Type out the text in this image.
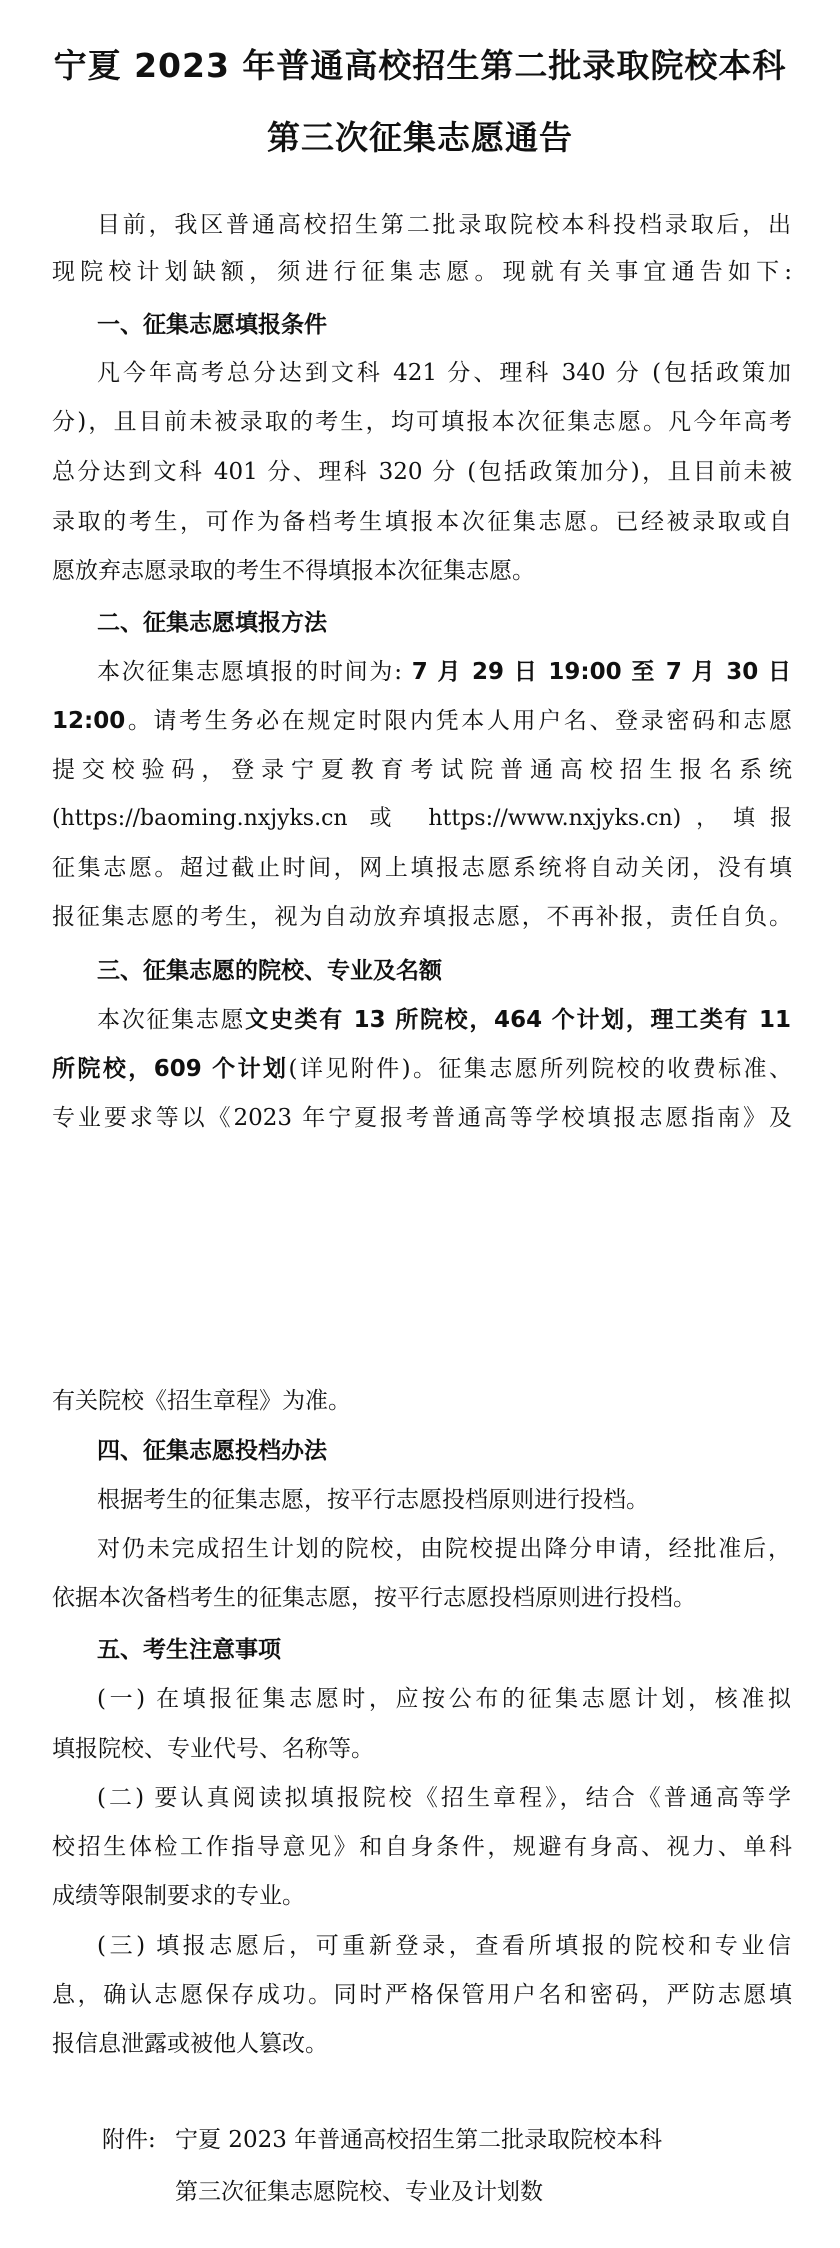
宁夏 2023 年普通高校招生第二批录取院校本科
第三次征集志愿通告

目前，我区普通高校招生第二批录取院校本科投档录取后，出

现院校计划缺额，须进行征集志愿。现就有关事宜通告如下:

一、征集志愿填报条件

凡今年高考总分达到文科 421 分、理科 340 分 (包括政策加

分)，且目前未被录取的考生，均可填报本次征集志愿。凡今年高考

总分达到文科 401 分、理科 320 分 (包括政策加分)，且目前未被

录取的考生，可作为备档考生填报本次征集志愿。已经被录取或自

愿放弃志愿录取的考生不得填报本次征集志愿。

二、征集志愿填报方法

本次征集志愿填报的时间为: 7 月 29 日 19:00 至 7 月 30 日

12:00。请考生务必在规定时限内凭本人用户名、登录密码和志愿

提交校验码，登录宁夏教育考试院普通高校招生报名系统

(https://baoming.nxjyks.cn 或 https://www.nxjyks.cn)，填报

征集志愿。超过截止时间，网上填报志愿系统将自动关闭，没有填

报征集志愿的考生，视为自动放弃填报志愿，不再补报，责任自负。

三、征集志愿的院校、专业及名额

本次征集志愿文史类有 13 所院校，464 个计划，理工类有 11

所院校，609 个计划(详见附件)。征集志愿所列院校的收费标准、

专业要求等以《2023 年宁夏报考普通高等学校填报志愿指南》及

有关院校《招生章程》为准。

四、征集志愿投档办法

根据考生的征集志愿，按平行志愿投档原则进行投档。

对仍未完成招生计划的院校，由院校提出降分申请，经批准后，

依据本次备档考生的征集志愿，按平行志愿投档原则进行投档。

五、考生注意事项

(一) 在填报征集志愿时，应按公布的征集志愿计划，核准拟

填报院校、专业代号、名称等。

(二) 要认真阅读拟填报院校《招生章程》，结合《普通高等学

校招生体检工作指导意见》和自身条件，规避有身高、视力、单科

成绩等限制要求的专业。

(三) 填报志愿后，可重新登录，查看所填报的院校和专业信

息，确认志愿保存成功。同时严格保管用户名和密码，严防志愿填

报信息泄露或被他人篡改。

附件: 宁夏 2023 年普通高校招生第二批录取院校本科

第三次征集志愿院校、专业及计划数
